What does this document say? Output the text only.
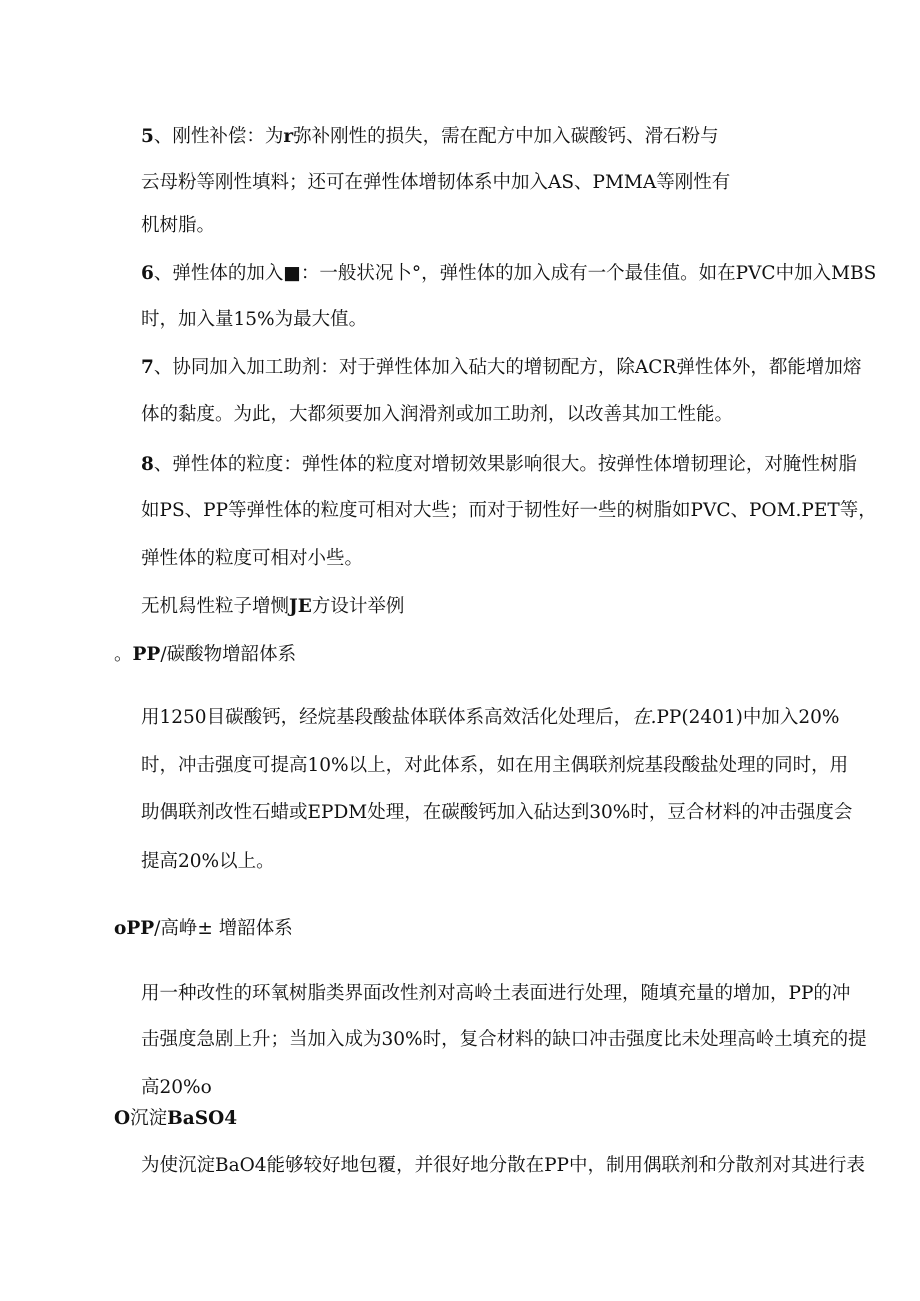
5、刚性补偿：为r弥补刚性的损失，需在配方中加入碳酸钙、滑石粉与
云母粉等刚性填料；还可在弹性体增韧体系中加入AS、PMMA等刚性有
机树脂。
6、弹性体的加入■：一般状况卜°，弹性体的加入成有一个最佳值。如在PVC中加入MBS
时，加入量15%为最大值。
7、协同加入加工助剂：对于弹性体加入砧大的增韧配方，除ACR弹性体外，都能增加熔
体的黏度。为此，大都须要加入润滑剂或加工助剂，以改善其加工性能。
8、弹性体的粒度：弹性体的粒度对增韧效果影响很大。按弹性体增韧理论，对腌性树脂
如PS、PP等弹性体的粒度可相对大些；而对于韧性好一些的树脂如PVC、POM.PET等，
弹性体的粒度可相对小些。
无机舄性粒子增恻JE方设计举例
。PP/碳酸物增韶体系
用1250目碳酸钙，经烷基段酸盐体联体系高效活化处理后，在.PP(2401)中加入20%
时，冲击强度可提高10%以上，对此体系，如在用主偶联剂烷基段酸盐处理的同时，用
助偶联剂改性石蜡或EPDM处理，在碳酸钙加入砧达到30%时，豆合材料的冲击强度会
提高20%以上。
oPP/高峥± 增韶体系
用一种改性的环氧树脂类界面改性剂对高岭土表面进行处理，随填充量的增加，PP的冲
击强度急剧上升；当加入成为30%时，复合材料的缺口冲击强度比未处理高岭土填充的提
高20%o
O沉淀BaSO4
为使沉淀BaO4能够较好地包覆，并很好地分散在PP中，制用偶联剂和分散剂对其进行表
